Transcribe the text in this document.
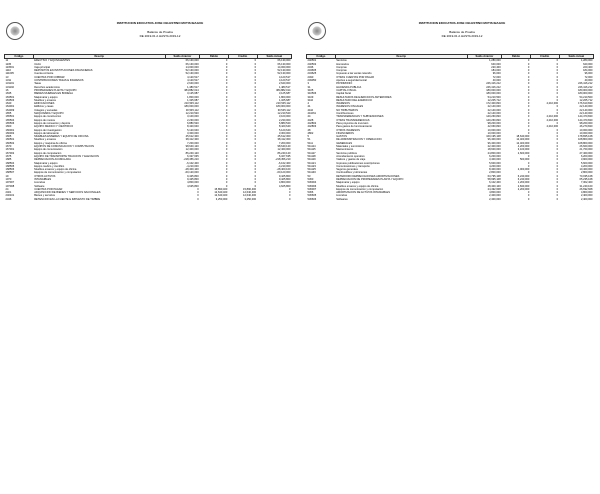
INSTITUCION EDUCATIVA JOSE CELESTINO MUTIS IBAGUE
Balance de Prueba
DE 2019-01 A HASTA 2019-12
Código	Descrip	Saldo Anterior	Débito	Crédito	Saldo Actual
11	EFECTIVO Y EQUIVALENTES	66,130,000	0	0	66,130,000
1105	CAJA	66,130,000	0	0	66,130,000
110501	Caja principal	14,000,000	0	0	14,000,000
1110	DEPOSITOS EN INSTITUCIONES FINANCIERAS	52,130,000	0	0	52,130,000
111005	Cuenta corriente	52,130,000	0	0	52,130,000
13	CUENTAS POR COBRAR	4,120,517	0	0	4,120,517
1311	CONTRIBUCIONES TASAS E INGRESOS	4,120,517	0	0	4,120,517
131101	Tasas	2,640,000	0	0	2,640,000
131102	Derechos academicos	1,480,517	0	0	1,480,517
16	PROPIEDADES PLANTA Y EQUIPO	384,882,014	0	0	384,882,014
1635	BIENES MUEBLES EN BODEGA	3,125,687	0	0	3,125,687
163501	Maquinaria y equipo	1,800,000	0	0	1,800,000
163503	Muebles y enseres	1,325,687	0	0	1,325,687
1640	EDIFICACIONES	210,545,112	0	0	210,545,112
164001	Edificios y casas	180,000,000	0	0	180,000,000
164009	Colegios y escuelas	30,545,112	0	0	30,545,112
1655	MAQUINARIA Y EQUIPO	12,210,520	0	0	12,210,520
165501	Equipo de construccion	3,100,000	0	0	3,100,000
165504	Equipo de musica	2,230,000	0	0	2,230,000
165506	Equipo de recreacion y deporte	6,880,520	0	0	6,880,520
1660	EQUIPO MEDICO Y CIENTIFICO	8,420,640	0	0	8,420,640
166001	Equipo de investigacion	5,120,640	0	0	5,120,640
166002	Equipo de laboratorio	3,300,000	0	0	3,300,000
1665	MUEBLES ENSERES Y EQUIPO DE OFICINA	45,612,300	0	0	45,612,300
166501	Muebles y enseres	38,412,300	0	0	38,412,300
166502	Equipo y maquina de oficina	7,200,000	0	0	7,200,000
1670	EQUIPOS DE COMUNICACION Y COMPUTACION	98,640,120	0	0	98,640,120
167001	Equipo de comunicacion	12,400,000	0	0	12,400,000
167002	Equipo de computacion	86,240,120	0	0	86,240,120
1675	EQUIPO DE TRANSPORTE TRACCION Y ELEVACION	6,327,635	0	0	6,327,635
1685	DEPRECIACION ACUMULADA	-218,456,210	0	0	-218,456,210
168504	Maquinaria y equipo	-6,102,400	0	0	-6,102,400
168505	Equipo medico y cientifico	-4,210,000	0	0	-4,210,000
168506	Muebles enseres y equipo de oficina	-28,400,100	0	0	-28,400,100
168507	Equipos de comunicacion y computacion	-60,120,000	0	0	-60,120,000
19	OTROS ACTIVOS	9,425,800	0	0	9,425,800
1970	INTANGIBLES	9,425,800	0	0	9,425,800
197007	Licencias	4,800,000	0	0	4,800,000
197008	Software	4,625,800	0	0	4,625,800
24	CUENTAS POR PAGAR	0	15,890,400	15,890,400	0
2401	ADQUISICION DE BIENES Y SERVICIOS NACIONALES	0	12,640,400	12,640,400	0
240101	Bienes y servicios	0	12,640,400	12,640,400	0
2436	RETENCION EN LA FUENTE E IMPUESTO DE TIMBRE	0	3,250,000	3,250,000	0
INSTITUCION EDUCATIVA JOSE CELESTINO MUTIS IBAGUE
Balance de Prueba
DE 2019-01 A HASTA 2019-12
Código	Descrip	Saldo Anterior	Débito	Crédito	Saldo Actual
240501	Servicios	1,280,000	0	0	1,280,000
240502	Honorarios	640,000	0	0	640,000
2436	Compras	220,400	0	0	220,400
243605	Compras	184,000	0	0	184,000
243625	Impuesto a las ventas retenido	96,000	0	0	96,000
2490	OTRAS CUENTAS POR PAGAR	72,000	0	0	72,000
249050	Aportes a seguridad social	40,000	0	0	40,000
3	PATRIMONIO	246,416,212	0	0	246,416,212
31	HACIENDA PUBLICA	246,416,212	0	0	246,416,212
3105	CAPITAL FISCAL	180,000,000	0	0	180,000,000
310506	Capital fiscal	180,000,000	0	0	180,000,000
3109	RESULTADOS DE EJERCICIOS ANTERIORES	54,210,500	0	0	54,210,500
3110	RESULTADO DEL EJERCICIO	12,205,712	0	0	12,205,712
4	INGRESOS	172,400,820	0	4,210,000	176,610,820
41	INGRESOS FISCALES	22,140,000	0	0	22,140,000
4110	NO TRIBUTARIOS	22,140,000	0	0	22,140,000
411061	Contribuciones	22,140,000	0	0	22,140,000
44	TRANSFERENCIAS Y SUBVENCIONES	140,260,820	0	4,210,000	144,470,820
4428	OTRAS TRANSFERENCIAS	140,260,820	0	4,210,000	144,470,820
442802	Para proyectos de inversion	98,200,000	0	0	98,200,000
442803	Para gastos de funcionamiento	42,060,820	0	4,210,000	46,270,820
48	OTROS INGRESOS	10,000,000	0	0	10,000,000
4802	FINANCIEROS	10,000,000	0	0	10,000,000
5	GASTOS	160,195,108	18,640,000	0	178,835,108
51	DE ADMINISTRACION Y OPERACION	96,400,000	12,400,000	0	108,800,000
5111	GENERALES	96,400,000	12,400,000	0	108,800,000
511114	Materiales y suministros	22,400,000	4,200,000	0	26,600,000
511115	Mantenimiento	18,600,000	3,100,000	0	21,700,000
511117	Servicios publicos	24,800,000	2,600,000	0	27,400,000
511118	Arrendamiento operativo	6,200,000	0	0	6,200,000
511119	Viaticos y gastos de viaje	3,400,000	500,000	0	3,900,000
511121	Impresos publicaciones suscripciones	5,600,000	0	0	5,600,000
511123	Comunicaciones y transporte	4,200,000	0	0	4,200,000
511125	Seguros generales	8,400,000	2,000,000	0	10,400,000
511146	Combustibles y lubricantes	2,800,000	0	0	2,800,000
53	DETERIORO DEPRECIACIONES AMORTIZACIONES	63,795,108	6,240,000	0	70,035,108
5360	DEPRECIACION DE PROPIEDADES PLANTA Y EQUIPO	58,995,108	6,240,000	0	65,235,108
536004	Maquinaria y equipo	6,102,400	1,200,000	0	7,302,400
536006	Muebles enseres y equipo de oficina	28,400,100	2,840,000	0	31,240,100
536007	Equipos de comunicacion y computacion	24,492,608	2,200,000	0	26,692,608
5366	AMORTIZACION DE ACTIVOS INTANGIBLES	4,800,000	0	0	4,800,000
536605	Licencias	2,400,000	0	0	2,400,000
536606	Softwares	2,400,000	0	0	2,400,000
